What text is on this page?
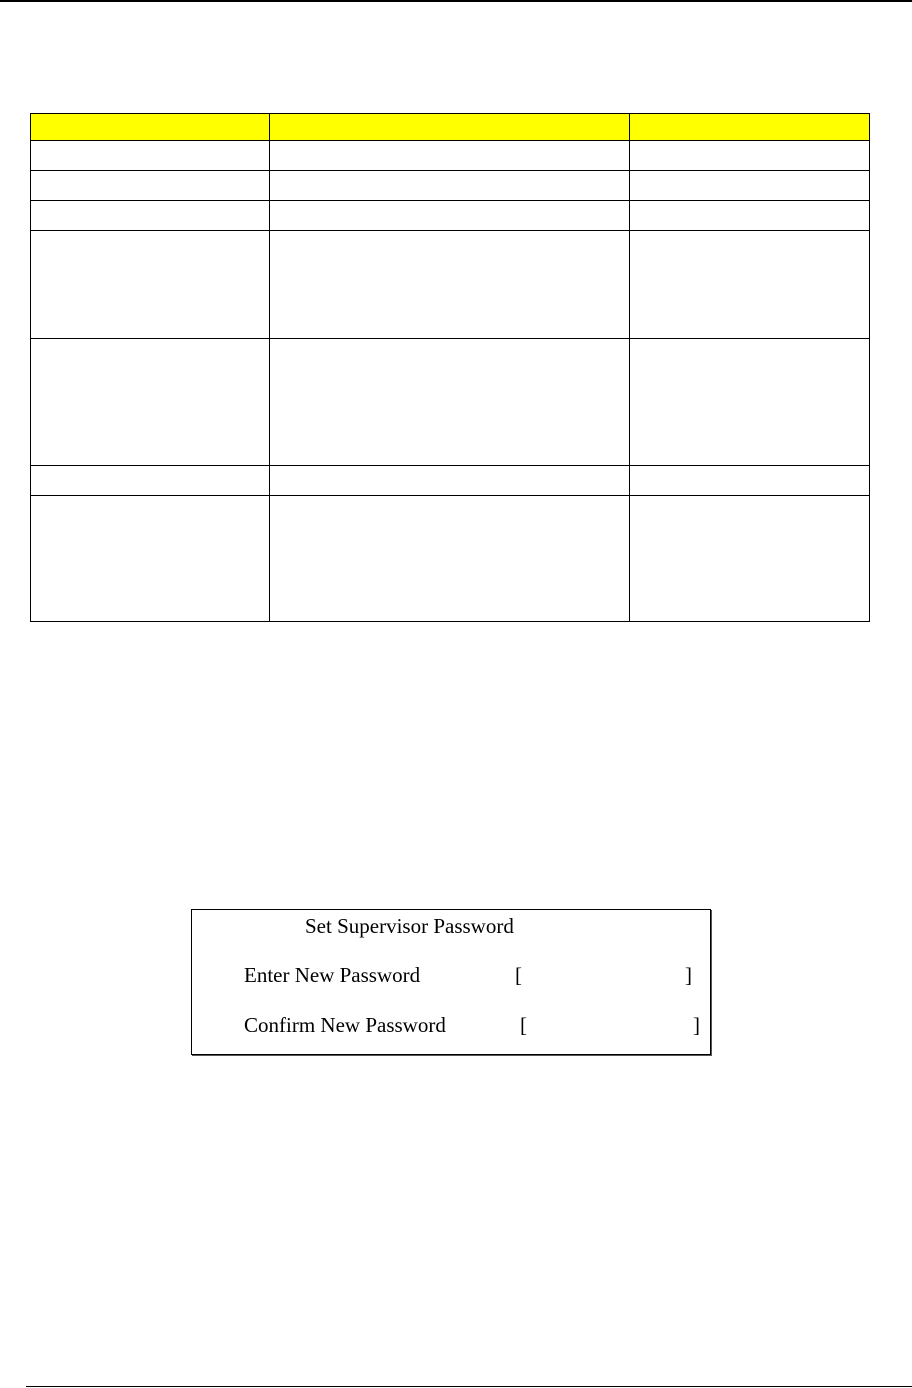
Set Supervisor Password
Enter New Password	[	]
Confirm New Password	[	]
